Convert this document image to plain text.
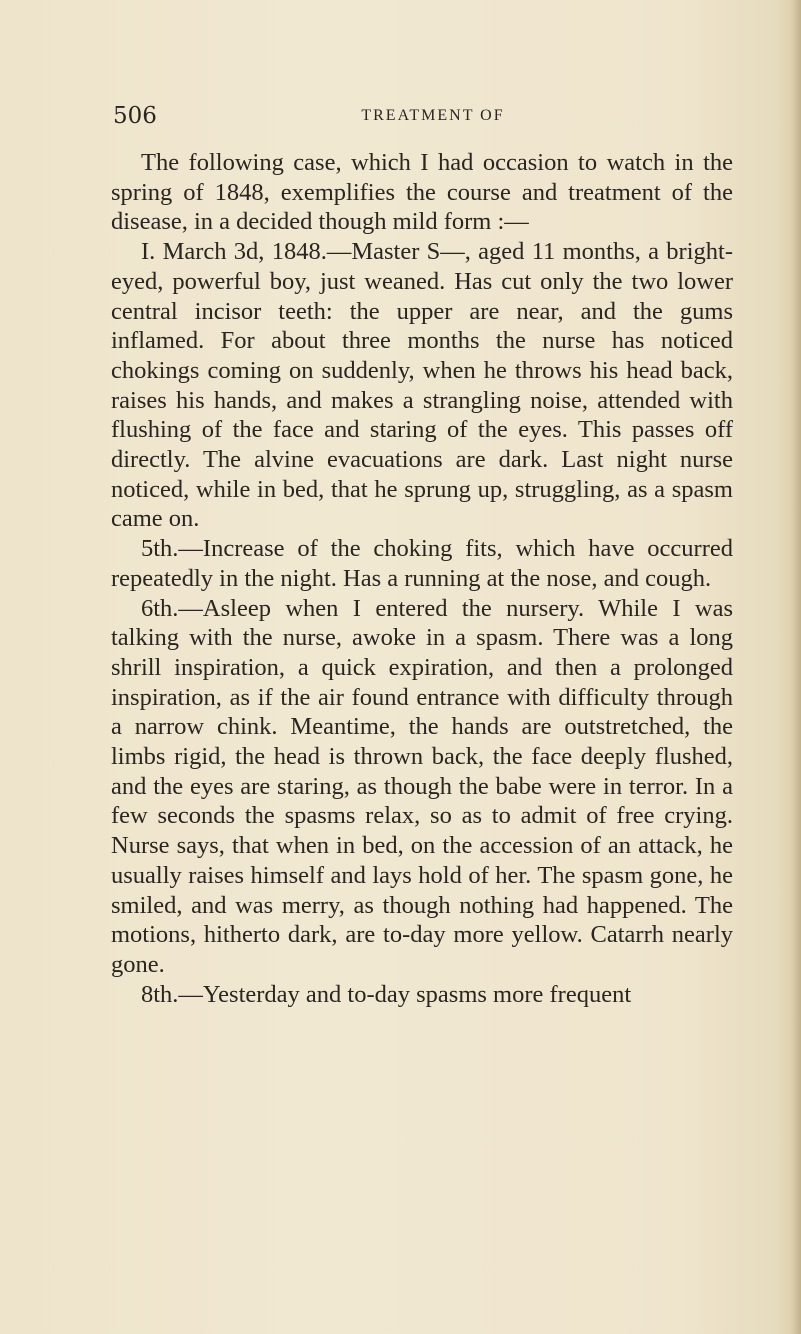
506	TREATMENT OF

The following case, which I had occasion to watch in the spring of 1848, exemplifies the course and treatment of the disease, in a decided though mild form :—

I. March 3d, 1848.—Master S—, aged 11 months, a bright-eyed, powerful boy, just weaned. Has cut only the two lower central incisor teeth: the upper are near, and the gums inflamed. For about three months the nurse has noticed chokings coming on suddenly, when he throws his head back, raises his hands, and makes a strangling noise, attended with flushing of the face and staring of the eyes. This passes off directly. The alvine evacuations are dark. Last night nurse noticed, while in bed, that he sprung up, struggling, as a spasm came on.

5th.—Increase of the choking fits, which have occurred repeatedly in the night. Has a running at the nose, and cough.

6th.—Asleep when I entered the nursery. While I was talking with the nurse, awoke in a spasm. There was a long shrill inspiration, a quick expiration, and then a prolonged inspiration, as if the air found entrance with difficulty through a narrow chink. Meantime, the hands are outstretched, the limbs rigid, the head is thrown back, the face deeply flushed, and the eyes are staring, as though the babe were in terror. In a few seconds the spasms relax, so as to admit of free crying. Nurse says, that when in bed, on the accession of an attack, he usually raises himself and lays hold of her. The spasm gone, he smiled, and was merry, as though nothing had happened. The motions, hitherto dark, are to-day more yellow. Catarrh nearly gone.

8th.—Yesterday and to-day spasms more frequent
